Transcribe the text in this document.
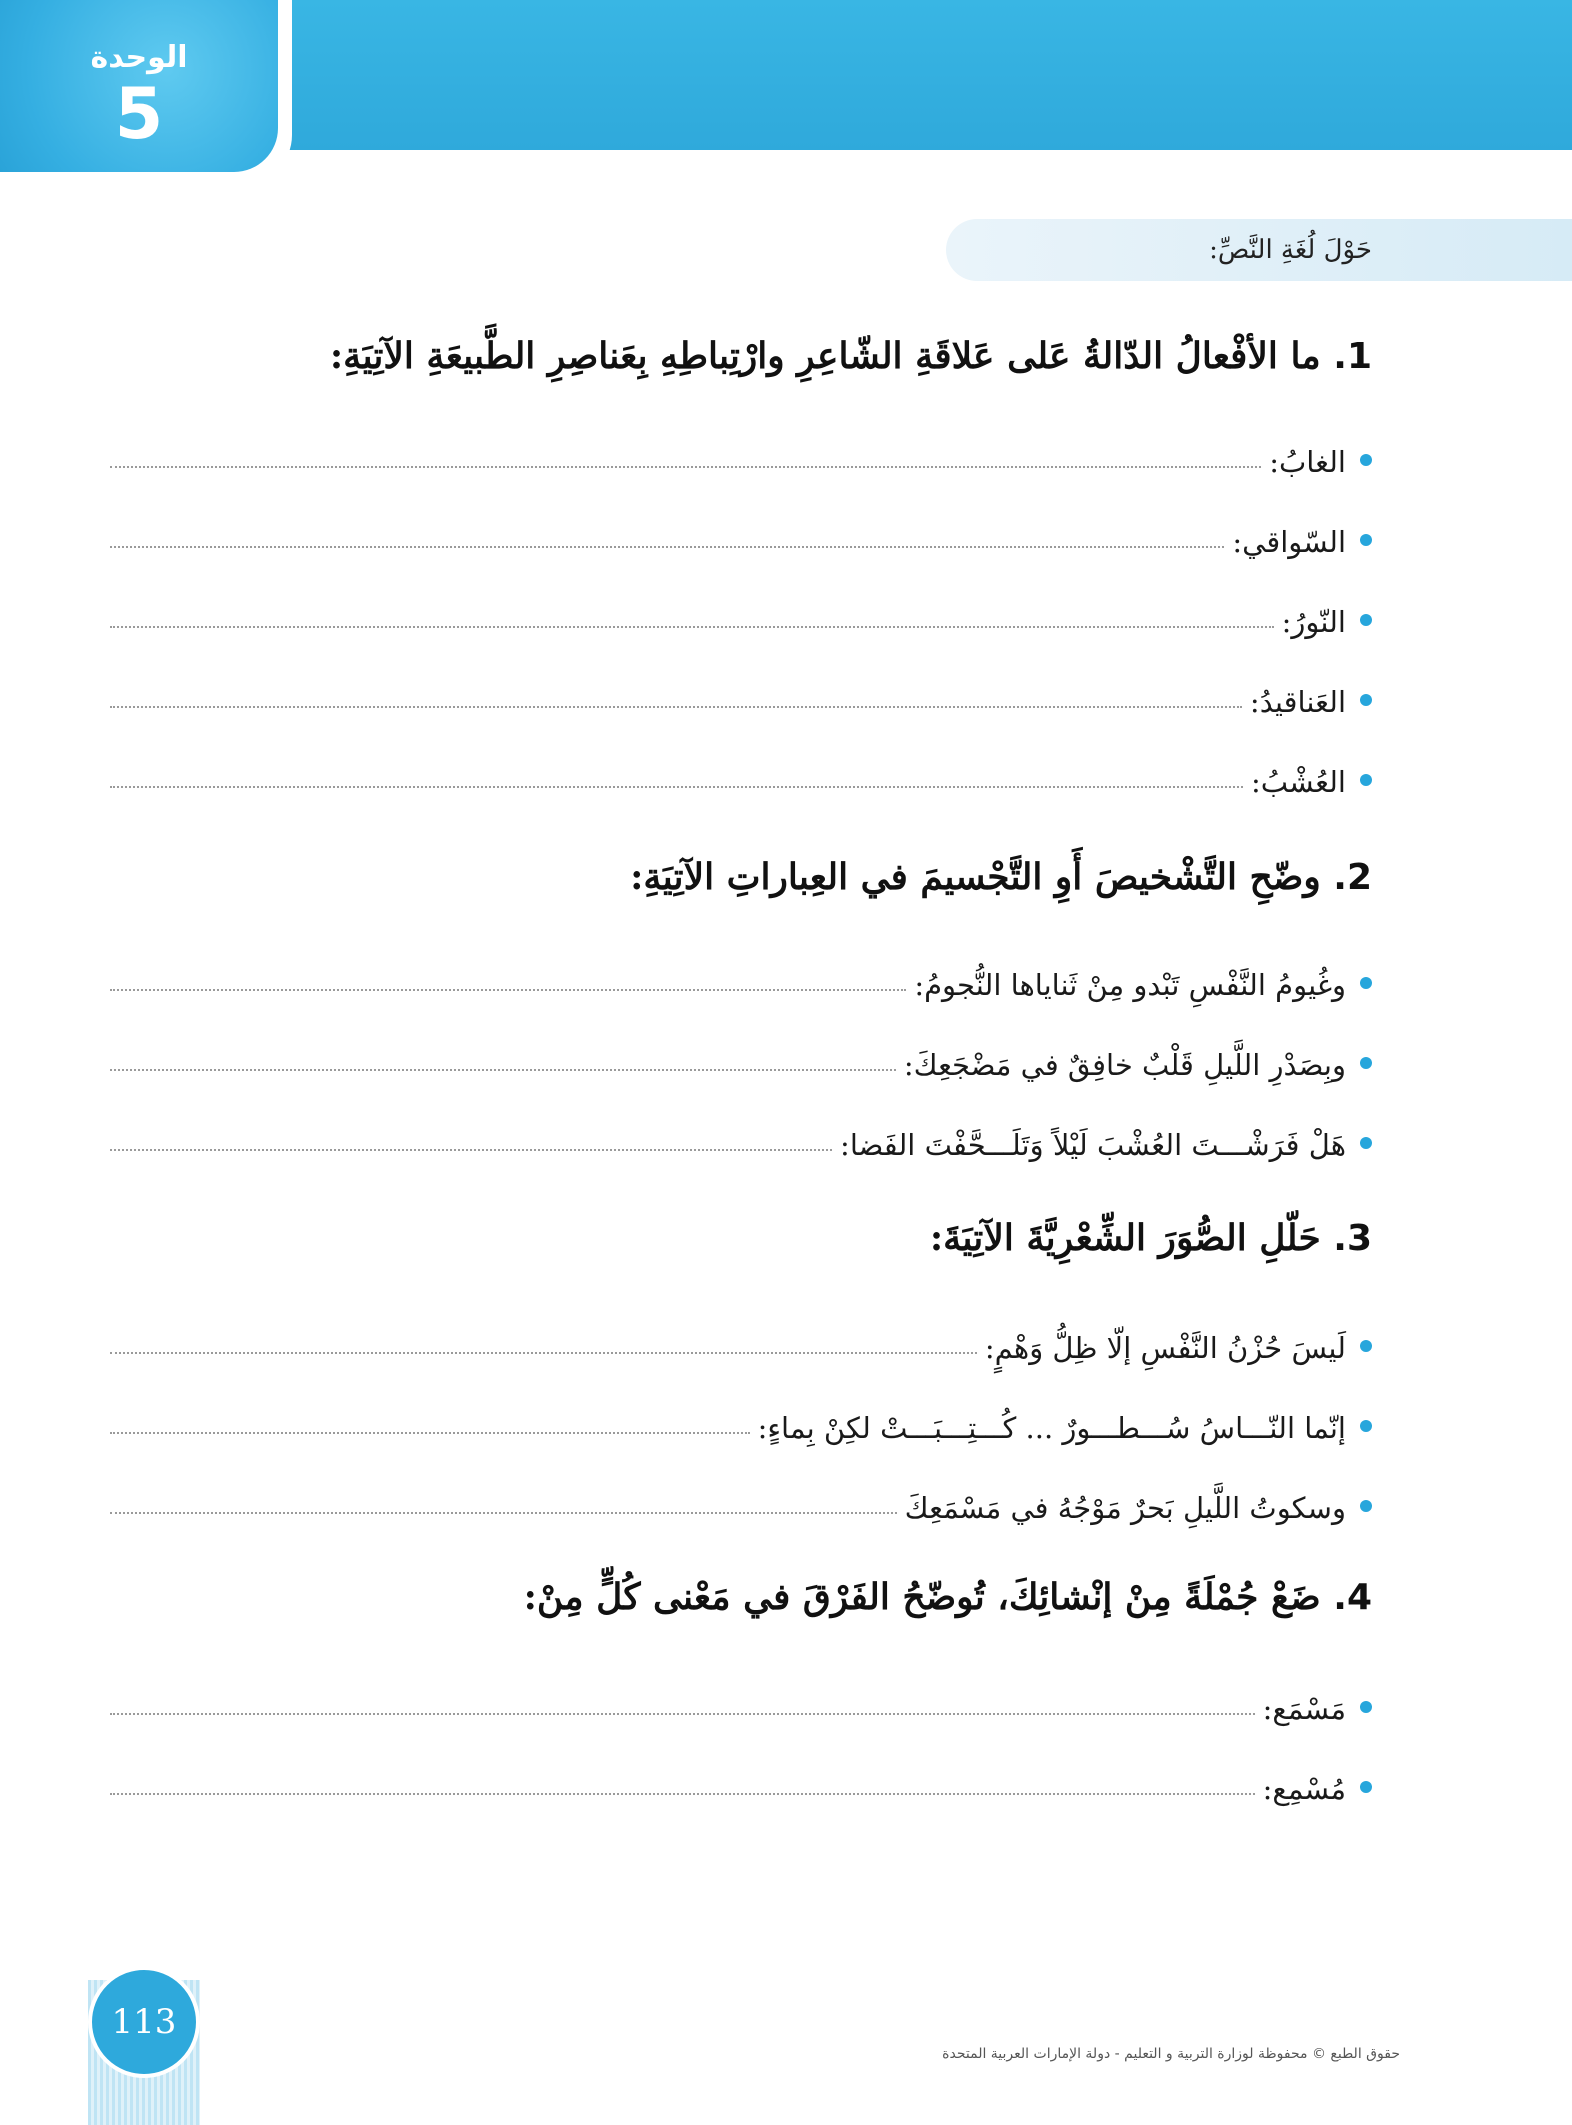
الوحدة
5
حَوْلَ لُغَةِ النَّصِّ:

1. ما الأفْعالُ الدّالةُ عَلى عَلاقَةِ الشّاعِرِ وارْتِباطِهِ بِعَناصِرِ الطَّبيعَةِ الآتِيَةِ:

الغابُ:
السّواقي:
النّورُ:
العَناقيدُ:
العُشْبُ:

2. وضّحِ التَّشْخيصَ أَوِ التَّجْسيمَ في العِباراتِ الآتِيَةِ:

وغُيومُ النَّفْسِ تَبْدو مِنْ ثَناياها النُّجومُ:
وبِصَدْرِ اللَّيلِ قَلْبٌ خافِقٌ في مَضْجَعِكَ:
هَلْ فَرَشْـــتَ العُشْبَ لَيْلاً وَتَلَـــحَّفْتَ الفَضا:

3. حَلّلِ الصُّوَرَ الشِّعْرِيَّةَ الآتِيَةَ:

لَيسَ حُزْنُ النَّفْسِ إلّا ظِلُّ وَهْمٍ:
إنّما النّـــاسُ سُـــطـــورٌ ... كُـــتِـــبَـــتْ لكِنْ بِماءٍ:
وسكوتُ اللَّيلِ بَحرٌ مَوْجُهُ في مَسْمَعِكَ

4. ضَعْ جُمْلَةً مِنْ إنْشائِكَ، تُوضّحُ الفَرْقَ في مَعْنى كُلٍّ مِنْ:

مَسْمَع:
مُسْمِع:
113
حقوق الطبع © محفوظة لوزارة التربية و التعليم - دولة الإمارات العربية المتحدة
